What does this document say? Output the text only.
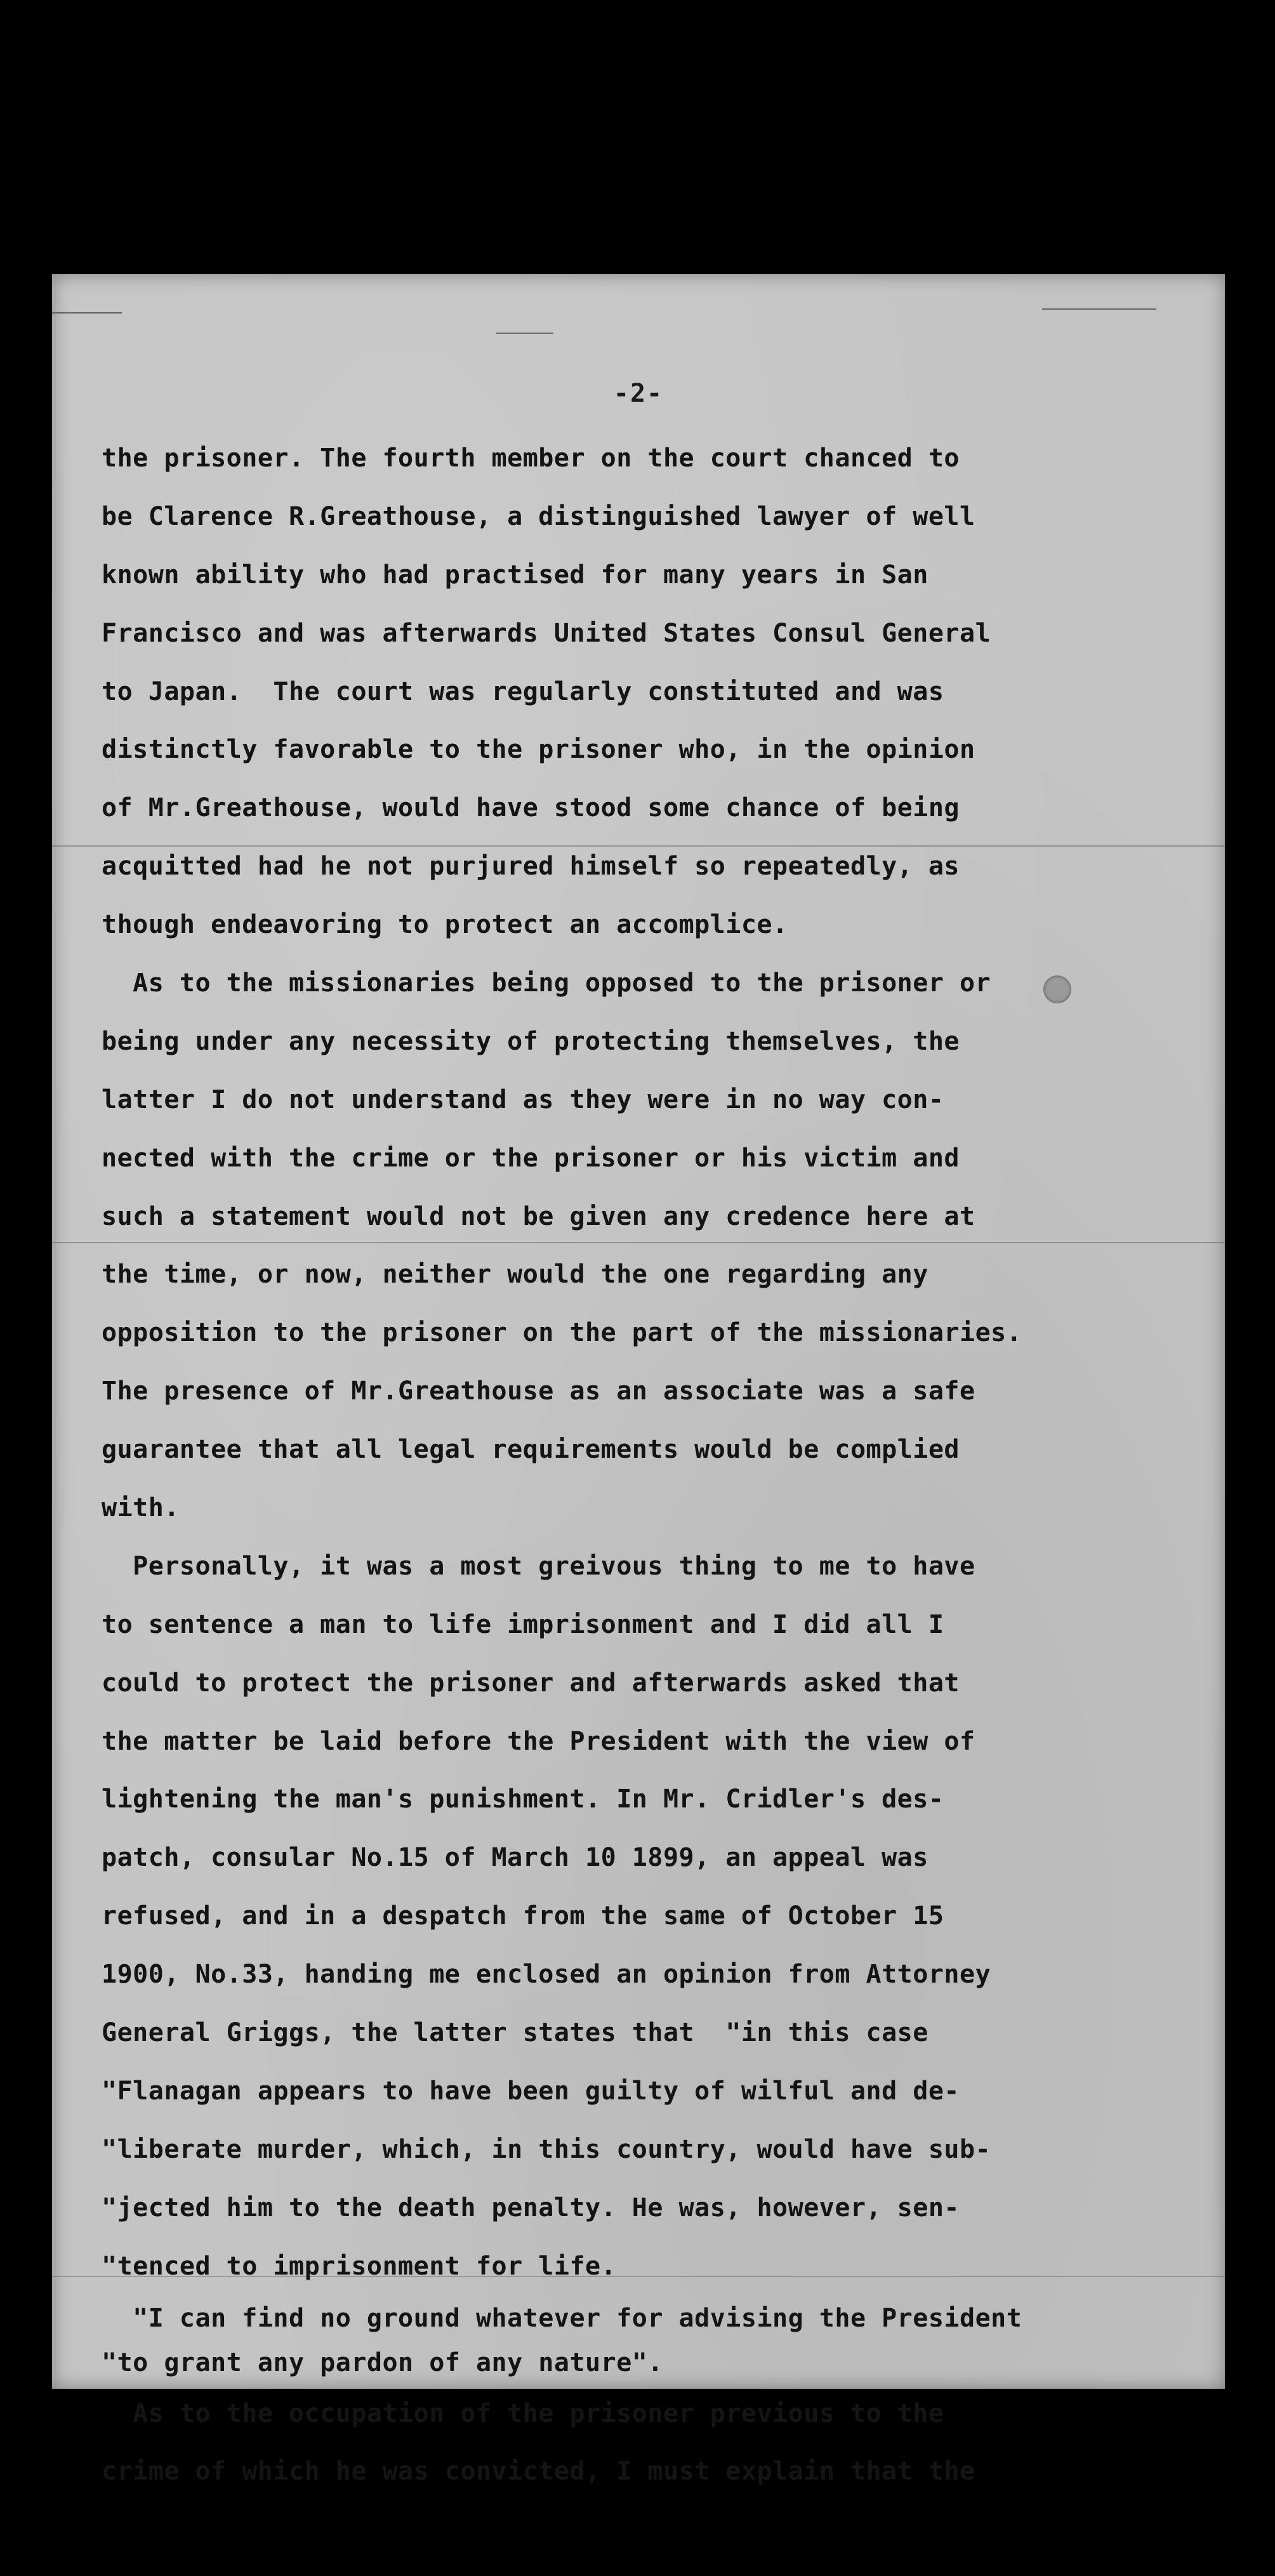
-2-
the prisoner. The fourth member on the court chanced to
be Clarence R.Greathouse, a distinguished lawyer of well
known ability who had practised for many years in San
Francisco and was afterwards United States Consul General
to Japan.  The court was regularly constituted and was
distinctly favorable to the prisoner who, in the opinion
of Mr.Greathouse, would have stood some chance of being
acquitted had he not purjured himself so repeatedly, as
though endeavoring to protect an accomplice.
As to the missionaries being opposed to the prisoner or
being under any necessity of protecting themselves, the
latter I do not understand as they were in no way con-
nected with the crime or the prisoner or his victim and
such a statement would not be given any credence here at
the time, or now, neither would the one regarding any
opposition to the prisoner on the part of the missionaries.
The presence of Mr.Greathouse as an associate was a safe
guarantee that all legal requirements would be complied
with.
Personally, it was a most greivous thing to me to have
to sentence a man to life imprisonment and I did all I
could to protect the prisoner and afterwards asked that
the matter be laid before the President with the view of
lightening the man's punishment. In Mr. Cridler's des-
patch, consular No.15 of March 10 1899, an appeal was
refused, and in a despatch from the same of October 15
1900, No.33, handing me enclosed an opinion from Attorney
General Griggs, the latter states that  "in this case
"Flanagan appears to have been guilty of wilful and de-
"liberate murder, which, in this country, would have sub-
"jected him to the death penalty. He was, however, sen-
"tenced to imprisonment for life.
"I can find no ground whatever for advising the President
"to grant any pardon of any nature".
As to the occupation of the prisoner previous to the
crime of which he was convicted, I must explain that the
